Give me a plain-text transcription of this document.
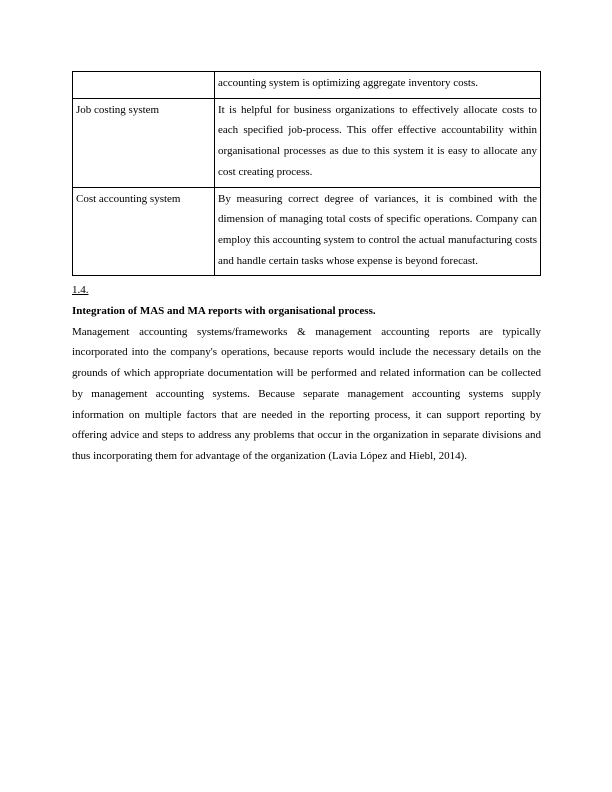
	accounting system is optimizing aggregate inventory costs.
Job costing system	It is helpful for business organizations to effectively allocate costs to each specified job-process. This offer effective accountability within organisational processes as due to this system it is easy to allocate any cost creating process.
Cost accounting system	By measuring correct degree of variances, it is combined with the dimension of managing total costs of specific operations. Company can employ this accounting system to control the actual manufacturing costs and handle certain tasks whose expense is beyond forecast.
1.4.
Integration of MAS and MA reports with organisational process.

Management accounting systems/frameworks & management accounting reports are typically incorporated into the company's operations, because reports would include the necessary details on the grounds of which appropriate documentation will be performed and related information can be collected by management accounting systems. Because separate management accounting systems supply information on multiple factors that are needed in the reporting process, it can support reporting by offering advice and steps to address any problems that occur in the organization in separate divisions and thus incorporating them for advantage of the organization (Lavia López and Hiebl, 2014).
